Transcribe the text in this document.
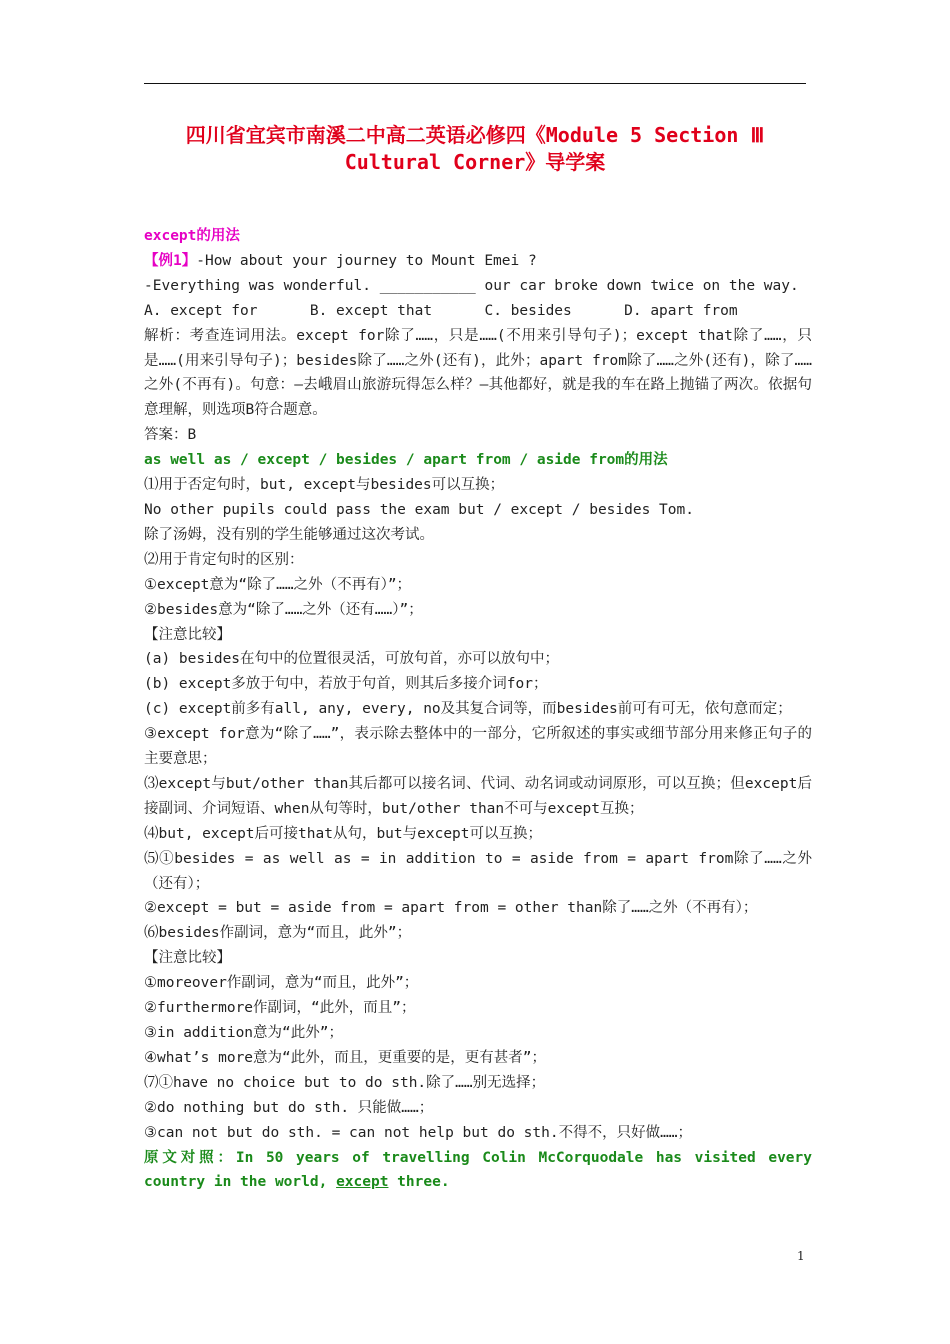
四川省宜宾市南溪二中高二英语必修四《Module 5 Section Ⅲ
Cultural Corner》导学案
except的用法
【例1】-How about your journey to Mount Emei ?
-Everything was wonderful. ___________ our car broke down twice on the way.
A. except for      B. except that      C. besides      D. apart from
解析：考查连词用法。except for除了……，只是……(不用来引导句子)；except that除了……，只是……(用来引导句子)；besides除了……之外(还有)，此外；apart from除了……之外(还有)，除了……之外(不再有)。句意：—去峨眉山旅游玩得怎么样？—其他都好，就是我的车在路上抛锚了两次。依据句意理解，则选项B符合题意。
答案：B
as well as / except / besides / apart from / aside from的用法
⑴用于否定句时，but, except与besides可以互换；
No other pupils could pass the exam but / except / besides Tom.
除了汤姆，没有别的学生能够通过这次考试。
⑵用于肯定句时的区别：
①except意为“除了……之外（不再有）”；
②besides意为“除了……之外（还有……）”；
【注意比较】
(a) besides在句中的位置很灵活，可放句首，亦可以放句中；
(b) except多放于句中，若放于句首，则其后多接介词for；
(c) except前多有all, any, every, no及其复合词等，而besides前可有可无，依句意而定；
③except for意为“除了……”，表示除去整体中的一部分，它所叙述的事实或细节部分用来修正句子的主要意思；
⑶except与but/other than其后都可以接名词、代词、动名词或动词原形，可以互换；但except后接副词、介词短语、when从句等时，but/other than不可与except互换；
⑷but, except后可接that从句，but与except可以互换；
⑸①besides = as well as = in addition to = aside from = apart from除了……之外（还有）；
②except = but = aside from = apart from = other than除了……之外（不再有）；
⑹besides作副词，意为“而且，此外”；
【注意比较】
①moreover作副词，意为“而且，此外”；
②furthermore作副词，“此外，而且”；
③in addition意为“此外”；
④what’s more意为“此外，而且，更重要的是，更有甚者”；
⑺①have no choice but to do sth.除了……别无选择；
②do nothing but do sth. 只能做……；
③can not but do sth. = can not help but do sth.不得不，只好做……；
原文对照：In 50 years of travelling Colin McCorquodale has visited every country in the world, except three.
1
